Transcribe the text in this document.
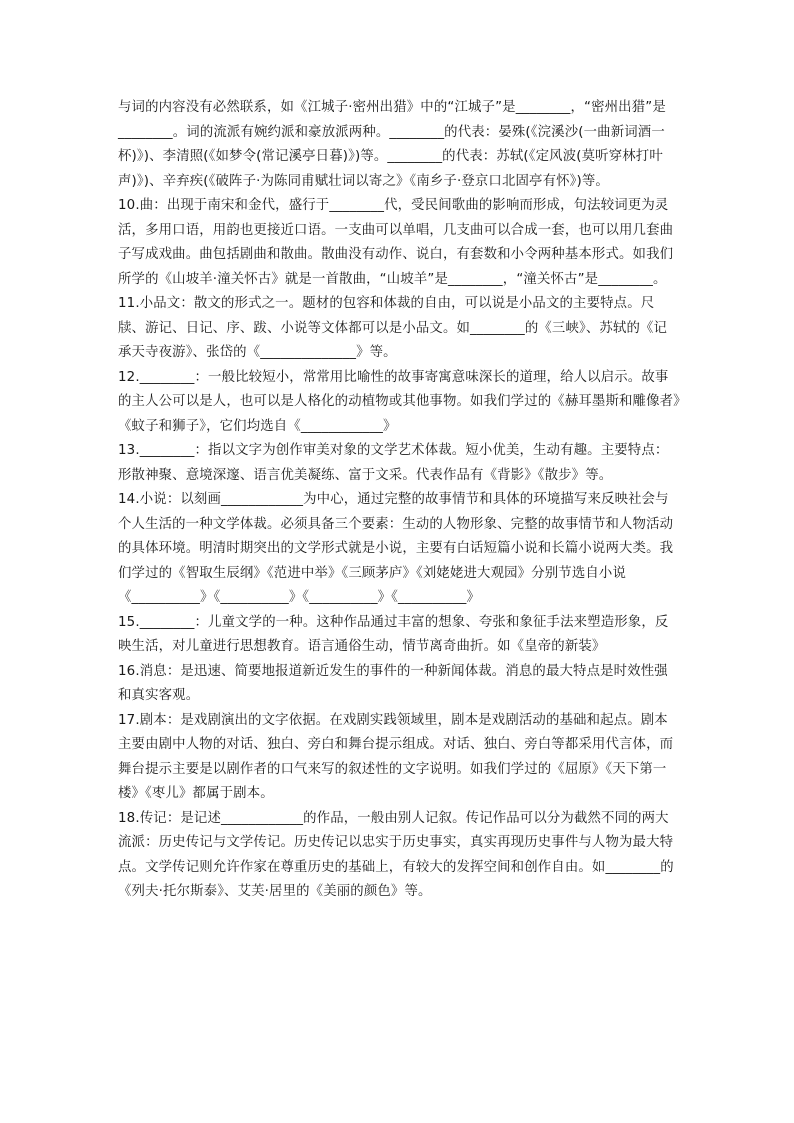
与词的内容没有必然联系，如《江城子·密州出猎》中的“江城子”是________，“密州出猎”是________。词的流派有婉约派和豪放派两种。________的代表：晏殊(《浣溪沙(一曲新词酒一杯)》)、李清照(《如梦令(常记溪亭日暮)》)等。________的代表：苏轼(《定风波(莫听穿林打叶声)》)、辛弃疾(《破阵子·为陈同甫赋壮词以寄之》《南乡子·登京口北固亭有怀》)等。

10.曲：出现于南宋和金代，盛行于________代，受民间歌曲的影响而形成，句法较词更为灵活，多用口语，用韵也更接近口语。一支曲可以单唱，几支曲可以合成一套，也可以用几套曲子写成戏曲。曲包括剧曲和散曲。散曲没有动作、说白，有套数和小令两种基本形式。如我们所学的《山坡羊·潼关怀古》就是一首散曲，“山坡羊”是________，“潼关怀古”是________。

11.小品文：散文的形式之一。题材的包容和体裁的自由，可以说是小品文的主要特点。尺牍、游记、日记、序、跋、小说等文体都可以是小品文。如________的《三峡》、苏轼的《记承天寺夜游》、张岱的《______________》等。

12.________：一般比较短小，常常用比喻性的故事寄寓意味深长的道理，给人以启示。故事的主人公可以是人，也可以是人格化的动植物或其他事物。如我们学过的《赫耳墨斯和雕像者》《蚊子和狮子》，它们均选自《____________》

13.________：指以文字为创作审美对象的文学艺术体裁。短小优美，生动有趣。主要特点：形散神聚、意境深邃、语言优美凝练、富于文采。代表作品有《背影》《散步》等。

14.小说：以刻画____________为中心，通过完整的故事情节和具体的环境描写来反映社会与个人生活的一种文学体裁。必须具备三个要素：生动的人物形象、完整的故事情节和人物活动的具体环境。明清时期突出的文学形式就是小说，主要有白话短篇小说和长篇小说两大类。我们学过的《智取生辰纲》《范进中举》《三顾茅庐》《刘姥姥进大观园》分别节选自小说《__________》《__________》《__________》《__________》

15.________：儿童文学的一种。这种作品通过丰富的想象、夸张和象征手法来塑造形象，反映生活，对儿童进行思想教育。语言通俗生动，情节离奇曲折。如《皇帝的新装》

16.消息：是迅速、简要地报道新近发生的事件的一种新闻体裁。消息的最大特点是时效性强和真实客观。

17.剧本：是戏剧演出的文字依据。在戏剧实践领域里，剧本是戏剧活动的基础和起点。剧本主要由剧中人物的对话、独白、旁白和舞台提示组成。对话、独白、旁白等都采用代言体，而舞台提示主要是以剧作者的口气来写的叙述性的文字说明。如我们学过的《屈原》《天下第一楼》《枣儿》都属于剧本。

18.传记：是记述____________的作品，一般由别人记叙。传记作品可以分为截然不同的两大流派：历史传记与文学传记。历史传记以忠实于历史事实，真实再现历史事件与人物为最大特点。文学传记则允许作家在尊重历史的基础上，有较大的发挥空间和创作自由。如________的《列夫·托尔斯泰》、艾芙·居里的《美丽的颜色》等。
